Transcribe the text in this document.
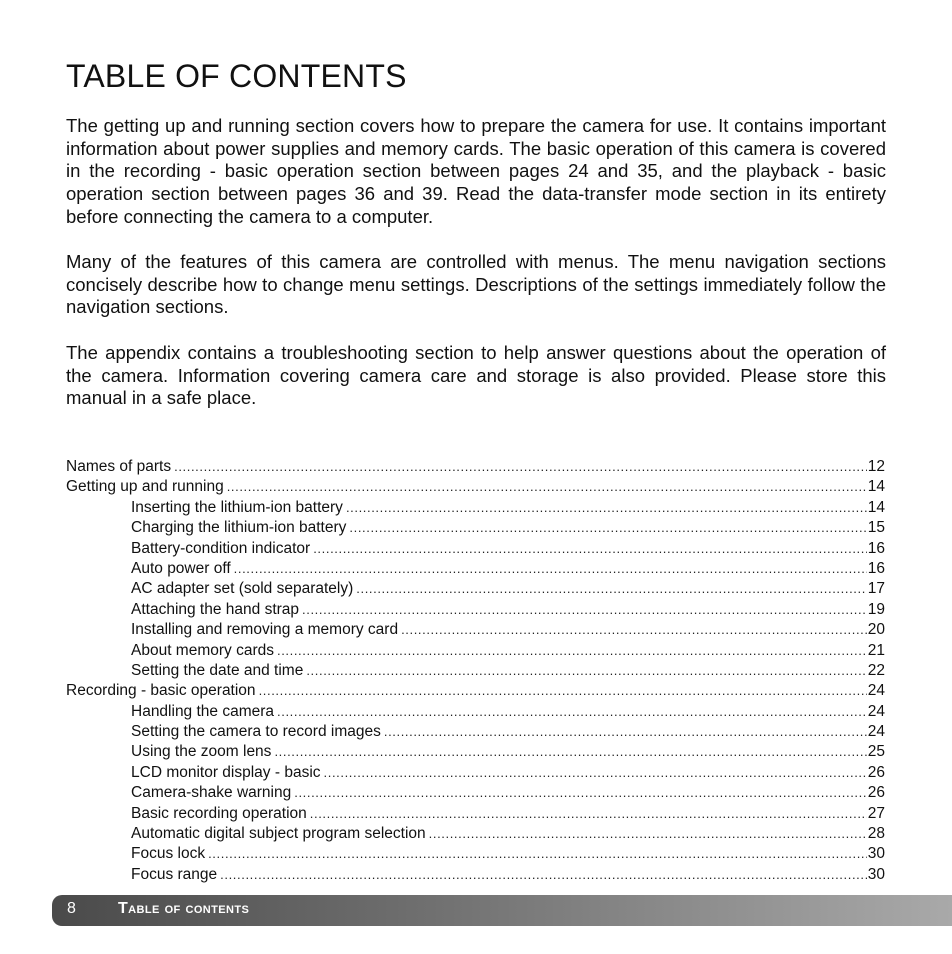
TABLE OF CONTENTS

The getting up and running section covers how to prepare the camera for use. It contains important information about power supplies and memory cards. The basic operation of this camera is covered in the recording - basic operation section between pages 24 and 35, and the playback - basic operation section between pages 36 and 39. Read the data-transfer mode section in its entirety before connecting the camera to a computer.

Many of the features of this camera are controlled with menus. The menu navigation sections concisely describe how to change menu settings. Descriptions of the settings immediately follow the navigation sections.

The appendix contains a troubleshooting section to help answer questions about the operation of the camera. Information covering camera care and storage is also provided. Please store this manual in a safe place.

Names of parts .....	12
Getting up and running .....	14
Inserting the lithium-ion battery .....	14
Charging the lithium-ion battery .....	15
Battery-condition indicator .....	16
Auto power off .....	16
AC adapter set (sold separately) .....	17
Attaching the hand strap .....	19
Installing and removing a memory card .....	20
About memory cards .....	21
Setting the date and time .....	22
Recording - basic operation .....	24
Handling the camera .....	24
Setting the camera to record images .....	24
Using the zoom lens .....	25
LCD monitor display - basic .....	26
Camera-shake warning .....	26
Basic recording operation .....	27
Automatic digital subject program selection .....	28
Focus lock .....	30
Focus range .....	30
8	Table of contents
